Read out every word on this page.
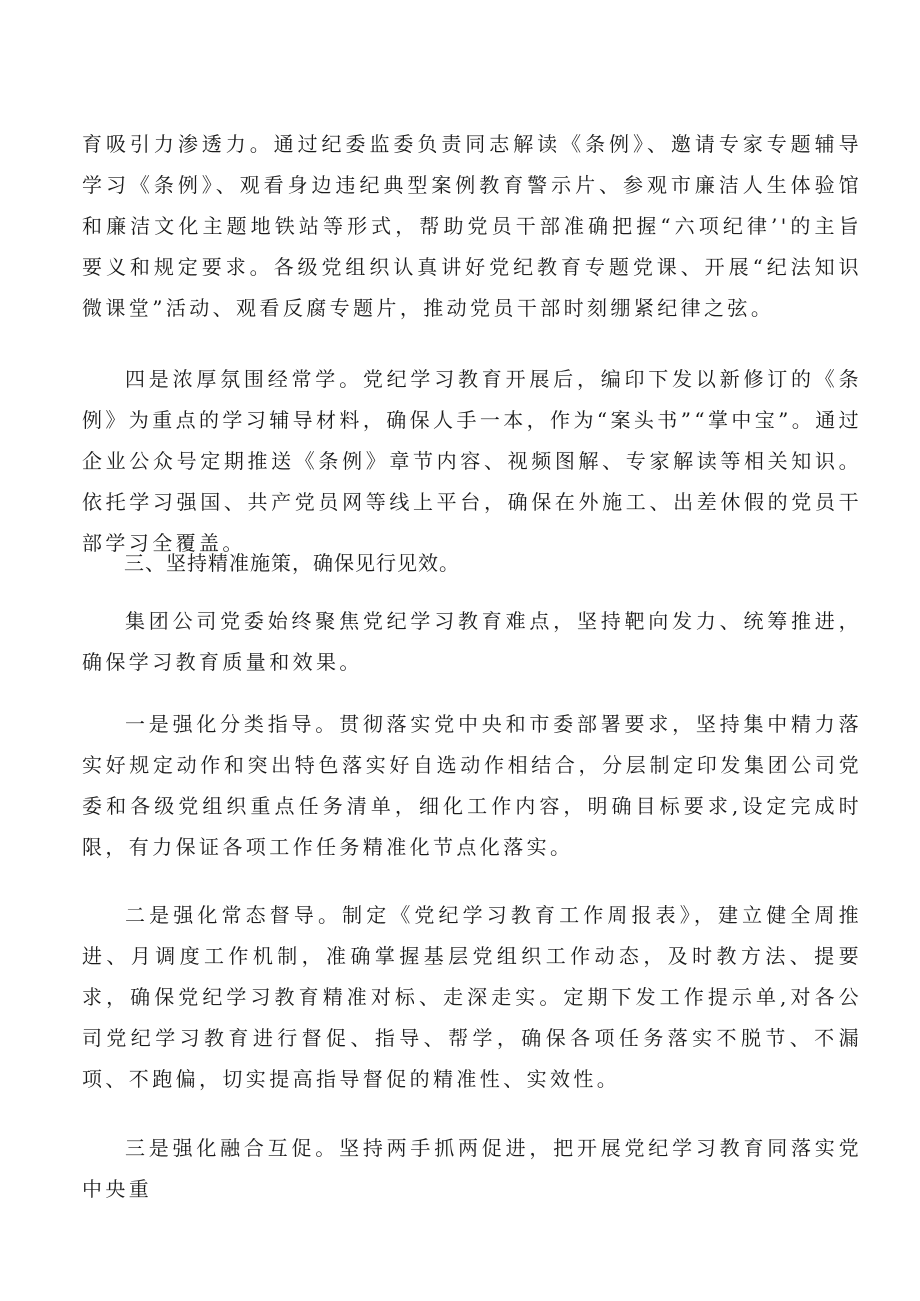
育吸引力渗透力。通过纪委监委负责同志解读《条例》、邀请专家专题辅导学习《条例》、观看身边违纪典型案例教育警示片、参观市廉洁人生体验馆和廉洁文化主题地铁站等形式，帮助党员干部准确把握“六项纪律’'的主旨要义和规定要求。各级党组织认真讲好党纪教育专题党课、开展“纪法知识微课堂”活动、观看反腐专题片，推动党员干部时刻绷紧纪律之弦。

四是浓厚氛围经常学。党纪学习教育开展后，编印下发以新修订的《条例》为重点的学习辅导材料，确保人手一本，作为“案头书”“掌中宝”。通过企业公众号定期推送《条例》章节内容、视频图解、专家解读等相关知识。依托学习强国、共产党员网等线上平台，确保在外施工、出差休假的党员干部学习全覆盖。

三、坚持精准施策，确保见行见效。

集团公司党委始终聚焦党纪学习教育难点，坚持靶向发力、统筹推进，确保学习教育质量和效果。

一是强化分类指导。贯彻落实党中央和市委部署要求，坚持集中精力落实好规定动作和突出特色落实好自选动作相结合，分层制定印发集团公司党委和各级党组织重点任务清单，细化工作内容，明确目标要求,设定完成时限，有力保证各项工作任务精准化节点化落实。

二是强化常态督导。制定《党纪学习教育工作周报表》，建立健全周推进、月调度工作机制，准确掌握基层党组织工作动态，及时教方法、提要求，确保党纪学习教育精准对标、走深走实。定期下发工作提示单,对各公司党纪学习教育进行督促、指导、帮学，确保各项任务落实不脱节、不漏项、不跑偏，切实提高指导督促的精准性、实效性。

三是强化融合互促。坚持两手抓两促进，把开展党纪学习教育同落实党中央重
